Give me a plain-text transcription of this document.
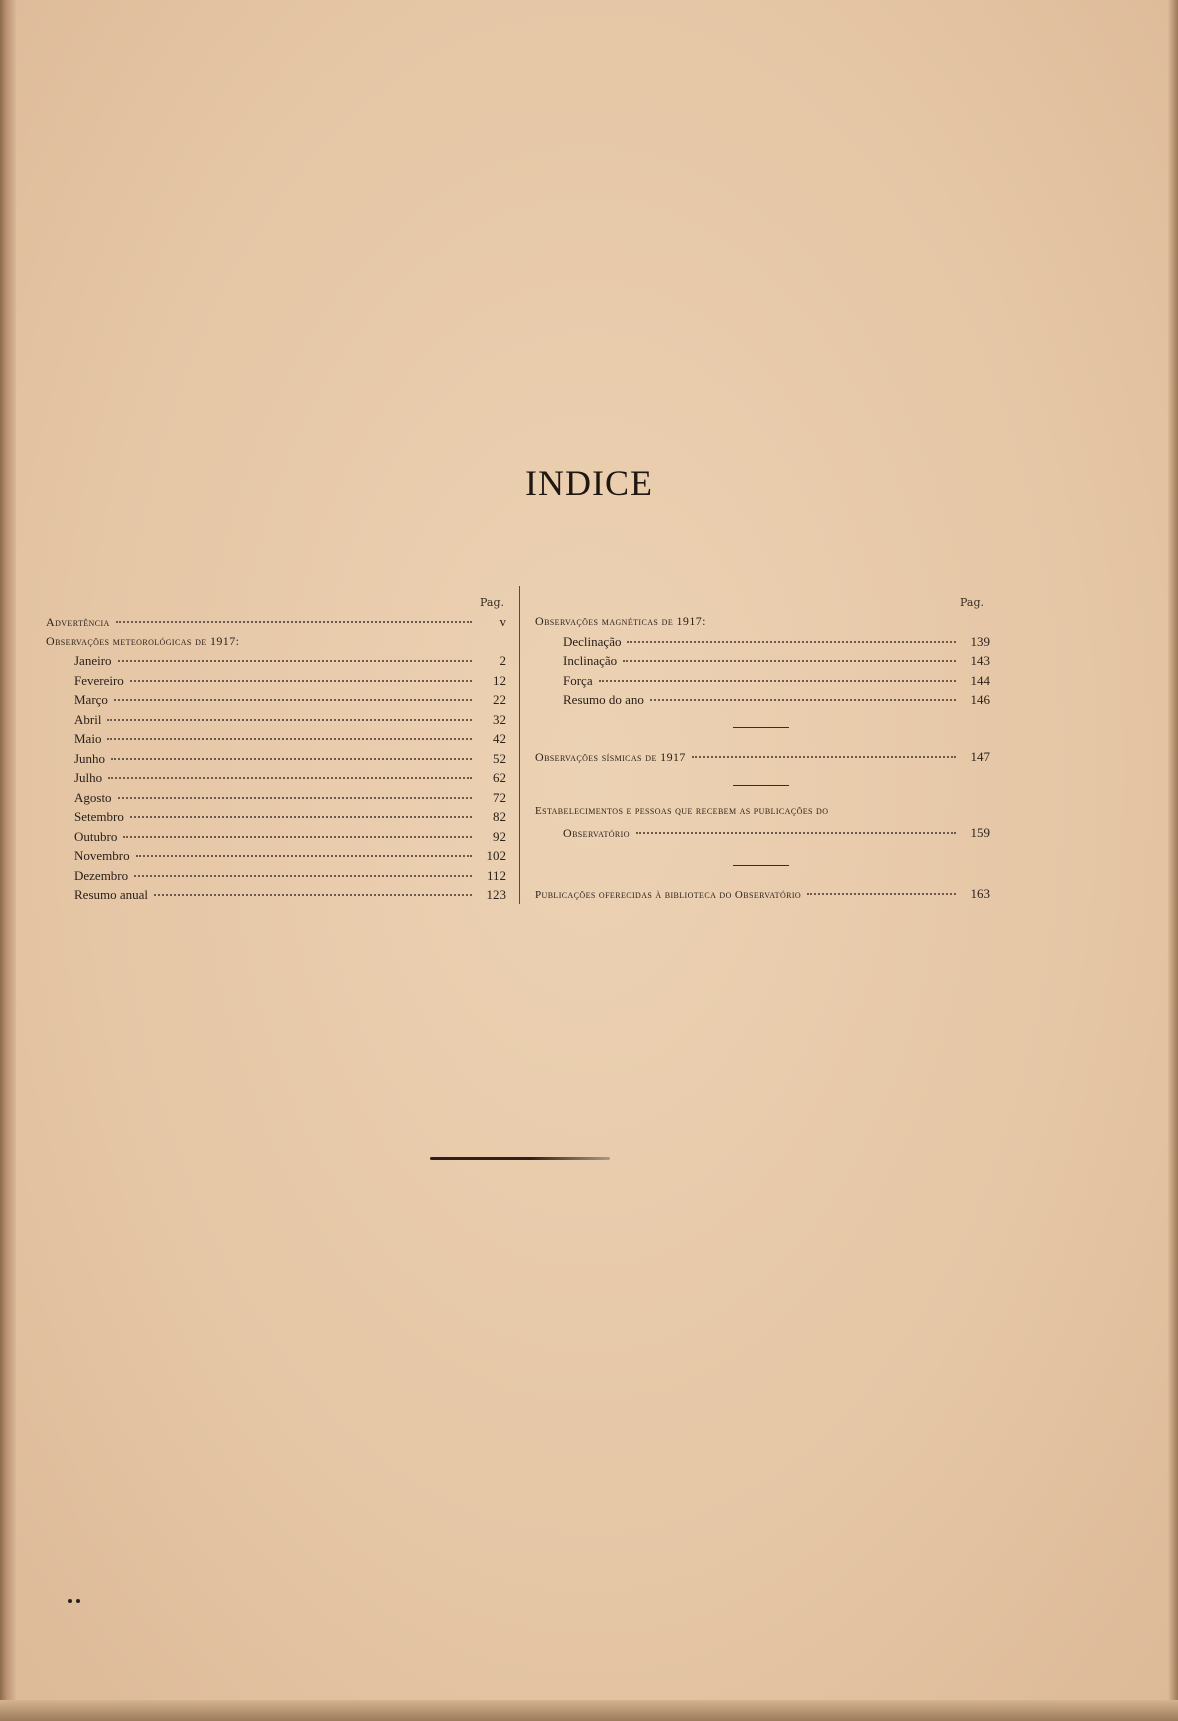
INDICE
Pag.
Advertência	v
Observações meteorológicas de 1917:
Janeiro	2
Fevereiro	12
Março	22
Abril	32
Maio	42
Junho	52
Julho	62
Agosto	72
Setembro	82
Outubro	92
Novembro	102
Dezembro	112
Resumo anual	123
Pag.
Observações magnéticas de 1917:
Declinação	139
Inclinação	143
Força	144
Resumo do ano	146
Observações sísmicas de 1917	147
Estabelecimentos e pessoas que recebem as publicações do
Observatório	159
Publicações oferecidas à biblioteca do Observatório	163
